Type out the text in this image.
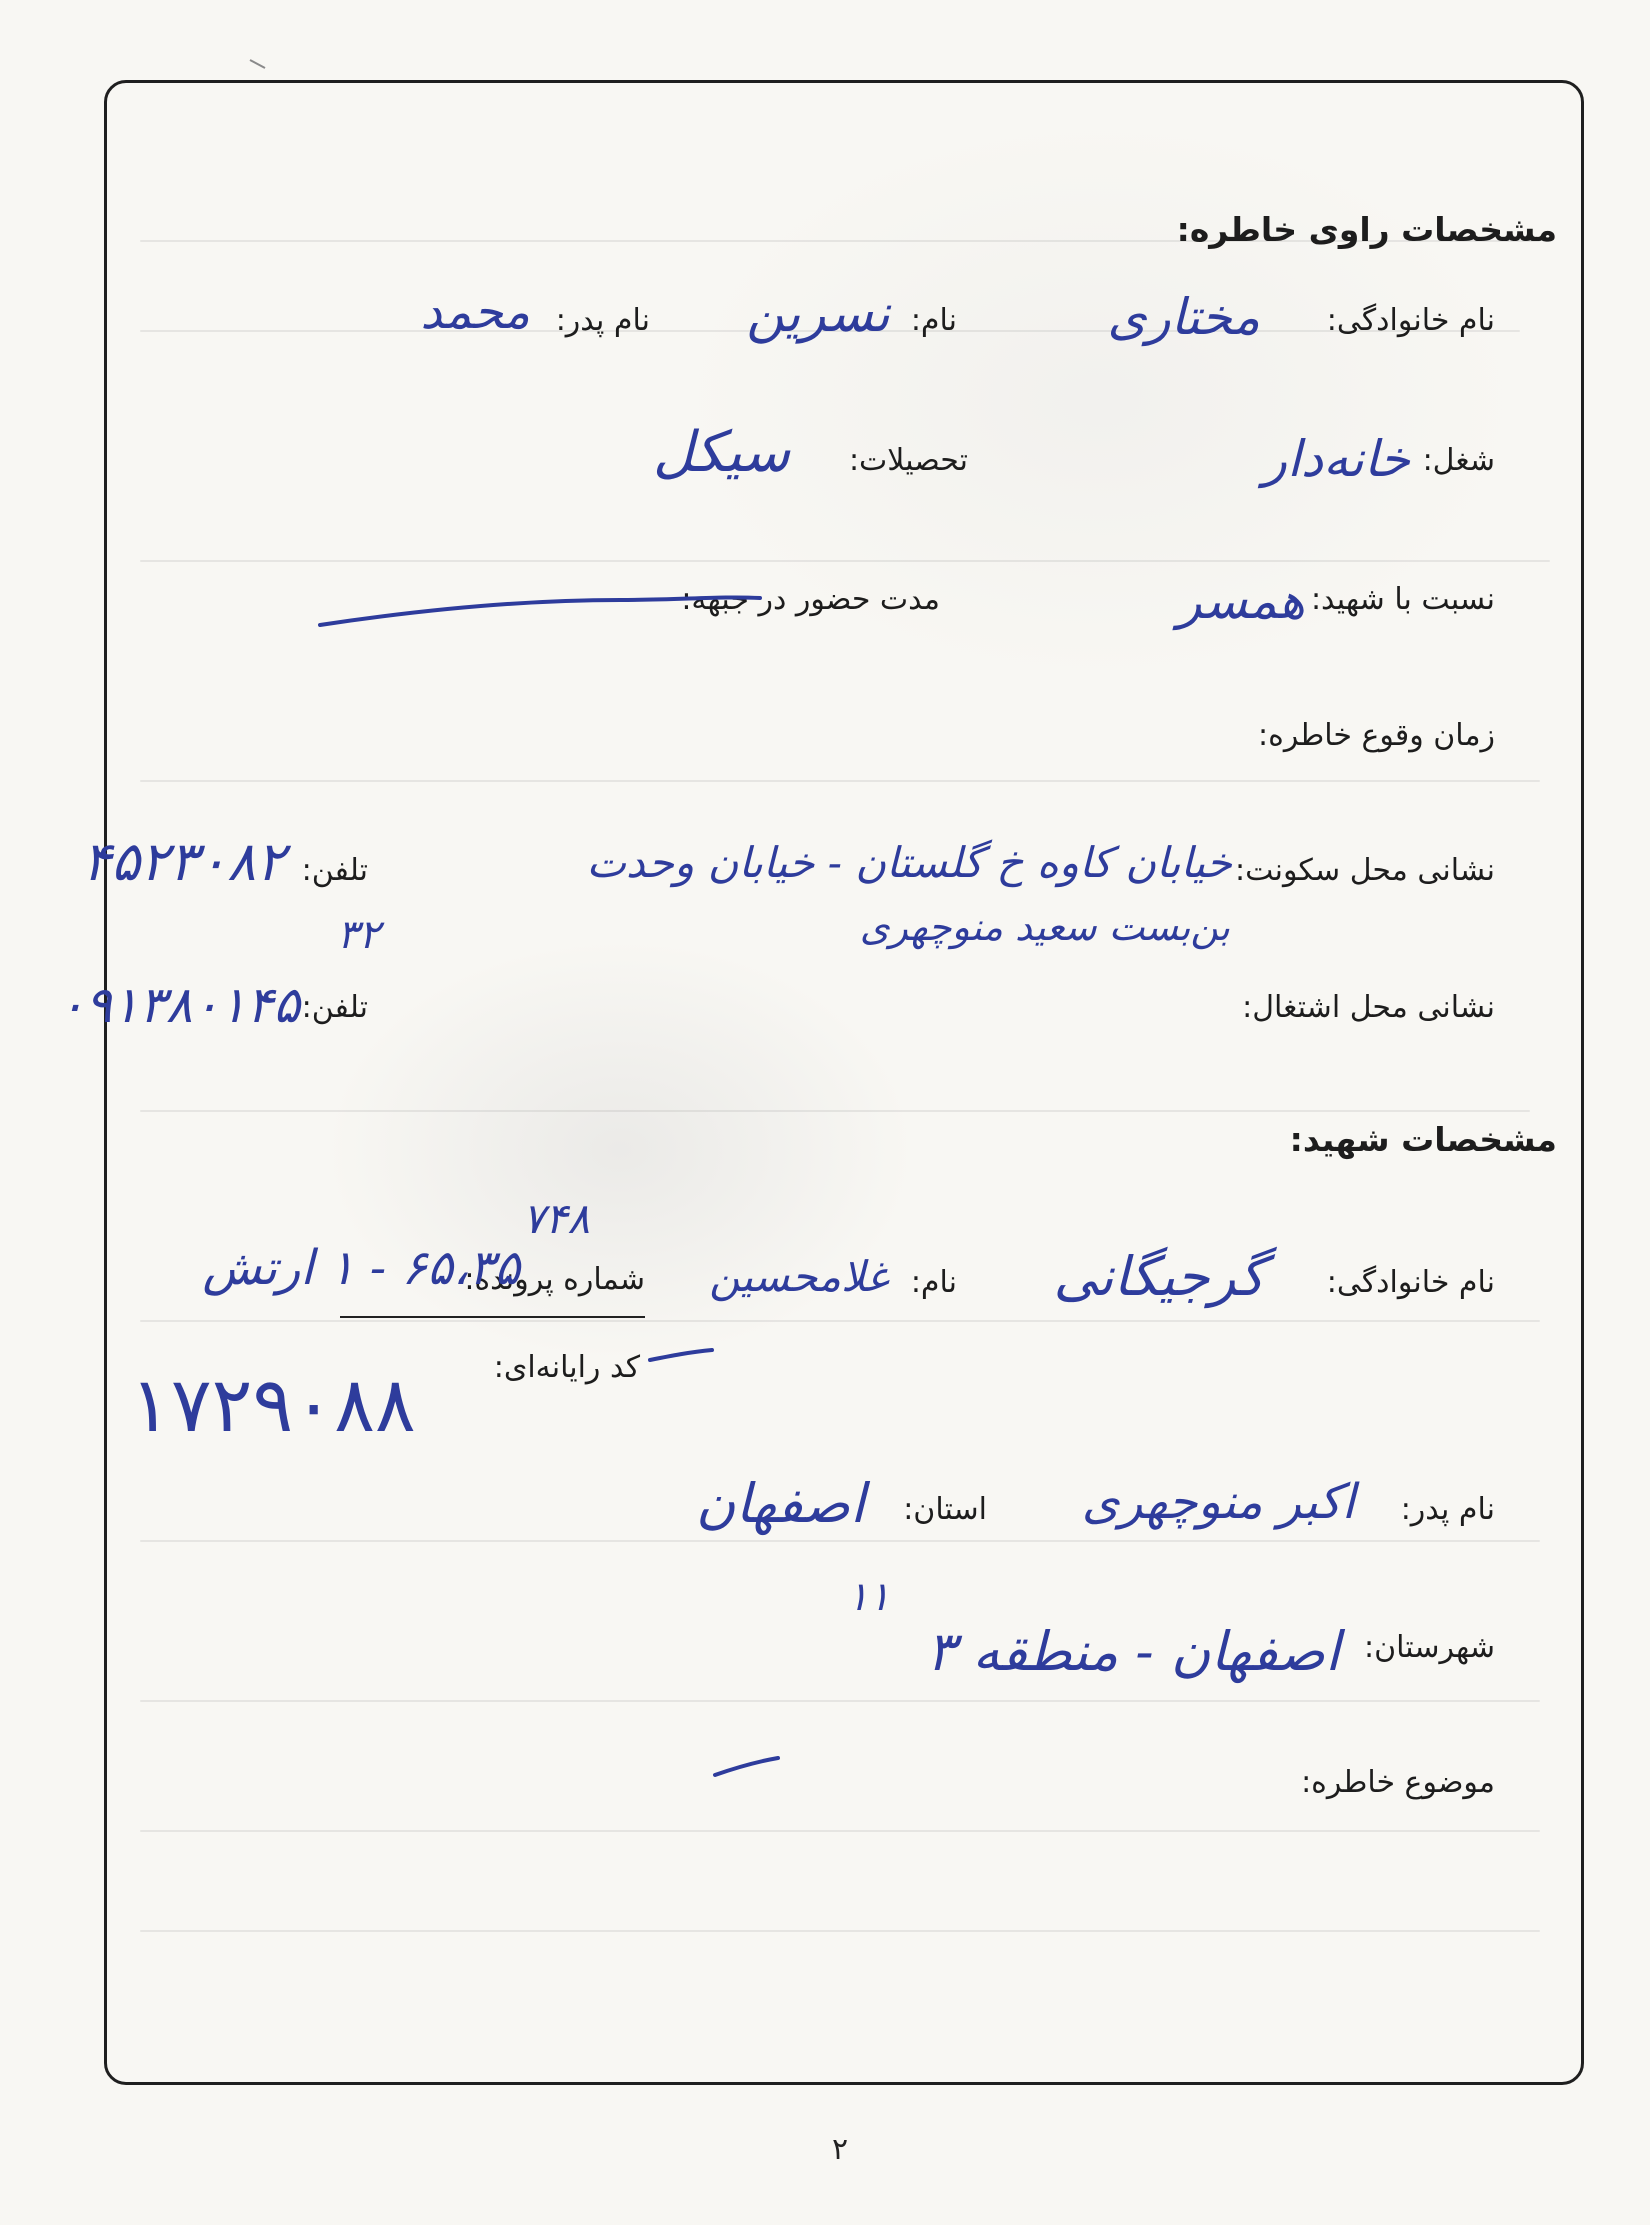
مشخصات راوی خاطره:
نام خانوادگی:
مختاری
نام:
نسرین
نام پدر:
محمد
شغل:
خانه‌دار
تحصیلات:
سیکل
نسبت با شهید:
همسر
مدت حضور در جبهه:
زمان وقوع خاطره:
نشانی محل سکونت:
خیابان کاوه خ گلستان - خیابان وحدت
بن‌بست سعید منوچهری
تلفن:
۴۵۲۳۰۸۲
۳۲
نشانی محل اشتغال:
تلفن:
۰۹۱۳۸۰۱۴۵
مشخصات شهید:
نام خانوادگی:
گرجیگانی
نام:
غلامحسین
شماره پرونده:
۶۵،۳۵ - ۱ ارتش
۷۴۸
کد رایانه‌ای:
۱۷۲۹۰۸۸
نام پدر:
اکبر منوچهری
استان:
اصفهان
شهرستان:
اصفهان - منطقه ۳
۱۱
موضوع خاطره:
۲
